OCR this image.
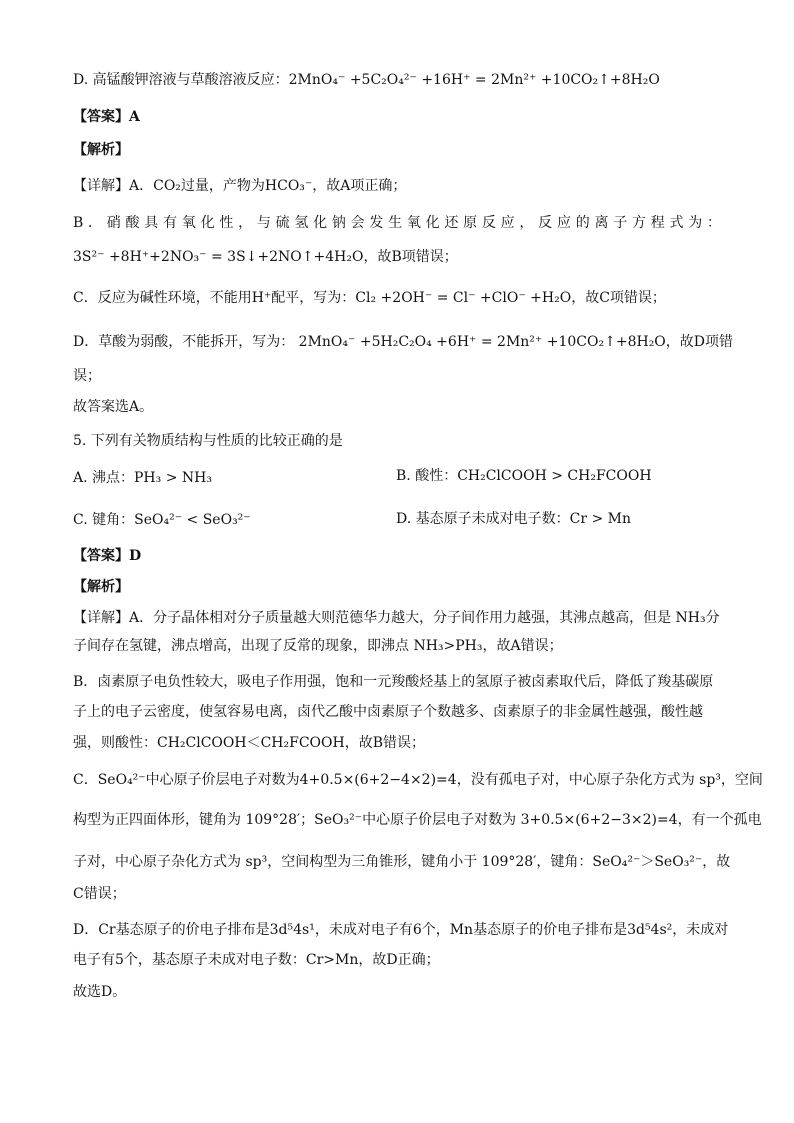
D. 高锰酸钾溶液与草酸溶液反应：2MnO₄⁻ +5C₂O₄²⁻ +16H⁺ = 2Mn²⁺ +10CO₂↑+8H₂O
【答案】A
【解析】
【详解】A．CO₂过量，产物为HCO₃⁻，故A项正确；
B．硝酸具有氧化性，与硫氢化钠会发生氧化还原反应，反应的离子方程式为：
3S²⁻ +8H⁺+2NO₃⁻ = 3S↓+2NO↑+4H₂O，故B项错误；
C．反应为碱性环境，不能用H⁺配平，写为：Cl₂ +2OH⁻ = Cl⁻ +ClO⁻ +H₂O，故C项错误；
D．草酸为弱酸，不能拆开，写为： 2MnO₄⁻ +5H₂C₂O₄ +6H⁺ = 2Mn²⁺ +10CO₂↑+8H₂O，故D项错
误；
故答案选A。
5. 下列有关物质结构与性质的比较正确的是
A. 沸点：PH₃ > NH₃	B. 酸性：CH₂ClCOOH > CH₂FCOOH
C. 键角：SeO₄²⁻ < SeO₃²⁻	D. 基态原子未成对电子数：Cr > Mn
【答案】D
【解析】
【详解】A．分子晶体相对分子质量越大则范德华力越大，分子间作用力越强，其沸点越高，但是 NH₃分
子间存在氢键，沸点增高，出现了反常的现象，即沸点 NH₃>PH₃，故A错误；
B．卤素原子电负性较大，吸电子作用强，饱和一元羧酸烃基上的氢原子被卤素取代后，降低了羧基碳原
子上的电子云密度，使氢容易电离，卤代乙酸中卤素原子个数越多、卤素原子的非金属性越强，酸性越
强，则酸性：CH₂ClCOOH＜CH₂FCOOH，故B错误；
C．SeO₄²⁻中心原子价层电子对数为4+0.5×(6+2−4×2)=4，没有孤电子对，中心原子杂化方式为 sp³，空间
构型为正四面体形，键角为 109°28′；SeO₃²⁻中心原子价层电子对数为 3+0.5×(6+2−3×2)=4，有一个孤电
子对，中心原子杂化方式为 sp³，空间构型为三角锥形，键角小于 109°28′，键角：SeO₄²⁻＞SeO₃²⁻，故
C错误；
D．Cr基态原子的价电子排布是3d⁵4s¹，未成对电子有6个，Mn基态原子的价电子排布是3d⁵4s²，未成对
电子有5个，基态原子未成对电子数：Cr>Mn，故D正确；
故选D。
